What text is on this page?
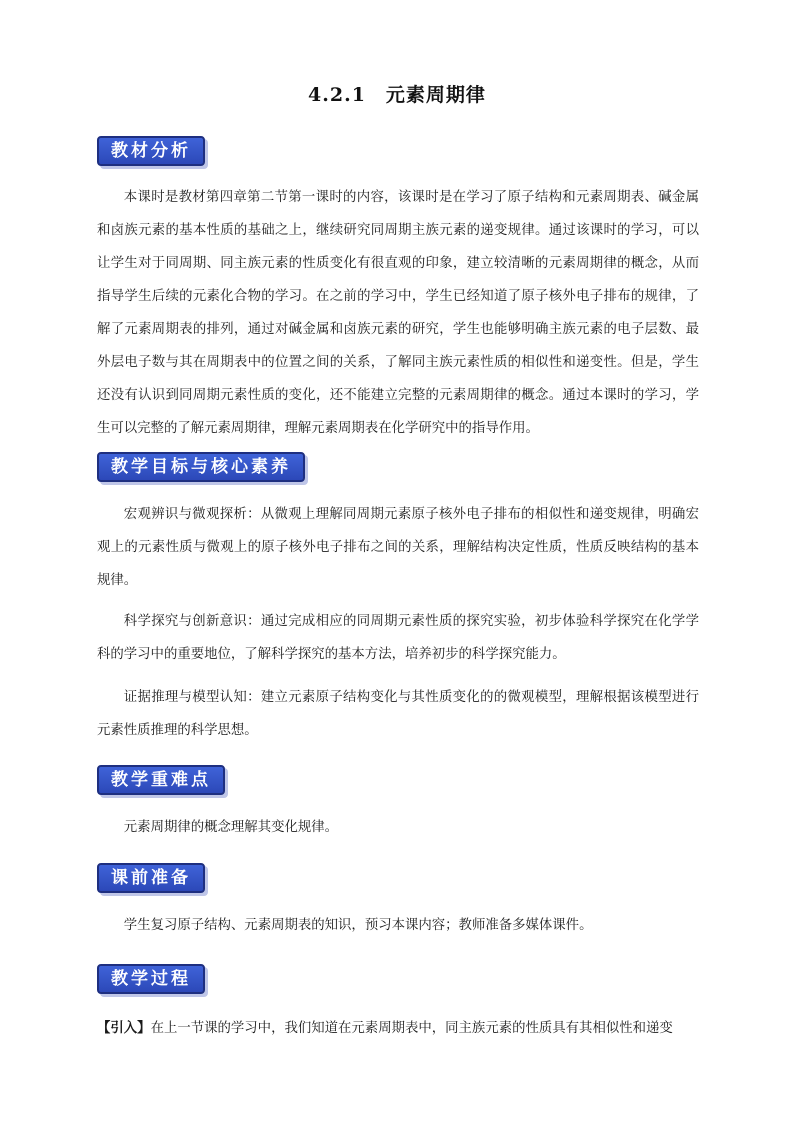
4.2.1　元素周期律
教材分析
本课时是教材第四章第二节第一课时的内容，该课时是在学习了原子结构和元素周期表、碱金属和卤族元素的基本性质的基础之上，继续研究同周期主族元素的递变规律。通过该课时的学习，可以让学生对于同周期、同主族元素的性质变化有很直观的印象，建立较清晰的元素周期律的概念，从而指导学生后续的元素化合物的学习。在之前的学习中，学生已经知道了原子核外电子排布的规律，了解了元素周期表的排列，通过对碱金属和卤族元素的研究，学生也能够明确主族元素的电子层数、最外层电子数与其在周期表中的位置之间的关系，了解同主族元素性质的相似性和递变性。但是，学生还没有认识到同周期元素性质的变化，还不能建立完整的元素周期律的概念。通过本课时的学习，学生可以完整的了解元素周期律，理解元素周期表在化学研究中的指导作用。
教学目标与核心素养
宏观辨识与微观探析：从微观上理解同周期元素原子核外电子排布的相似性和递变规律，明确宏观上的元素性质与微观上的原子核外电子排布之间的关系，理解结构决定性质，性质反映结构的基本规律。
科学探究与创新意识：通过完成相应的同周期元素性质的探究实验，初步体验科学探究在化学学科的学习中的重要地位，了解科学探究的基本方法，培养初步的科学探究能力。
证据推理与模型认知：建立元素原子结构变化与其性质变化的的微观模型，理解根据该模型进行元素性质推理的科学思想。
教学重难点
元素周期律的概念理解其变化规律。
课前准备
学生复习原子结构、元素周期表的知识，预习本课内容；教师准备多媒体课件。
教学过程
【引入】在上一节课的学习中，我们知道在元素周期表中，同主族元素的性质具有其相似性和递变
